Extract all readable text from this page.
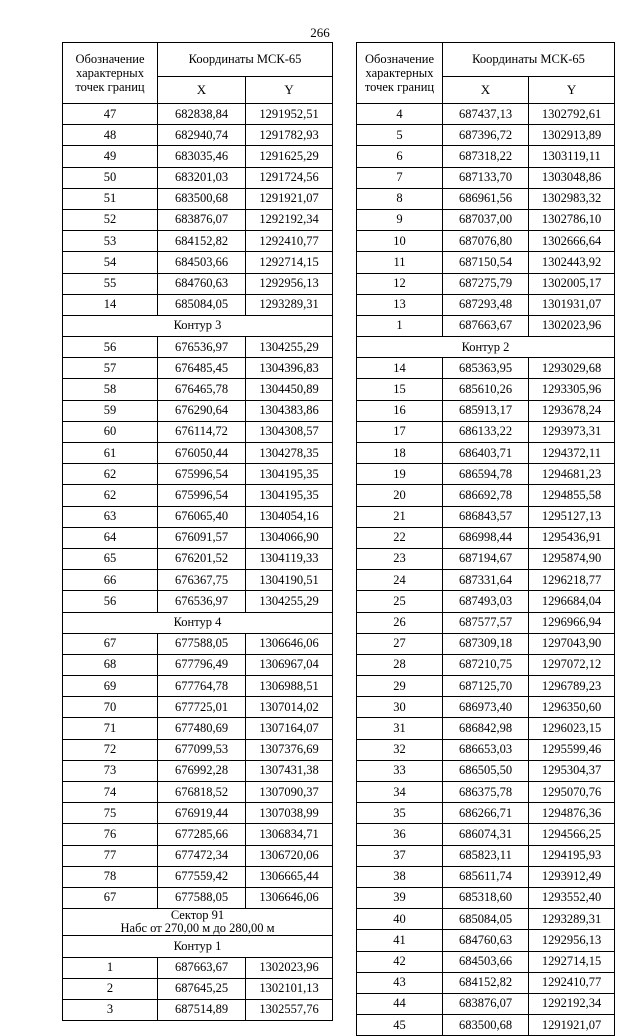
266
Обозначение характерных точек границ	Координаты МСК-65	
	X	Y
47	682838,84	1291952,51
48	682940,74	1291782,93
49	683035,46	1291625,29
50	683201,03	1291724,56
51	683500,68	1291921,07
52	683876,07	1292192,34
53	684152,82	1292410,77
54	684503,66	1292714,15
55	684760,63	1292956,13
14	685084,05	1293289,31

Контур 3		

56	676536,97	1304255,29
57	676485,45	1304396,83
58	676465,78	1304450,89
59	676290,64	1304383,86
60	676114,72	1304308,57
61	676050,44	1304278,35
62	675996,54	1304195,35
62	675996,54	1304195,35
63	676065,40	1304054,16
64	676091,57	1304066,90
65	676201,52	1304119,33
66	676367,75	1304190,51
56	676536,97	1304255,29

Контур 4		

67	677588,05	1306646,06
68	677796,49	1306967,04
69	677764,78	1306988,51
70	677725,01	1307014,02
71	677480,69	1307164,07
72	677099,53	1307376,69
73	676992,28	1307431,38
74	676818,52	1307090,37
75	676919,44	1307038,99
76	677285,66	1306834,71
77	677472,34	1306720,06
78	677559,42	1306665,44
67	677588,05	1306646,06

Сектор 91
Набс от 270,00 м до 280,00 м		

Контур 1		

1	687663,67	1302023,96
2	687645,25	1302101,13
3	687514,89	1302557,76
Обозначение характерных точек границ	Координаты МСК-65	
	X	Y
4	687437,13	1302792,61
5	687396,72	1302913,89
6	687318,22	1303119,11
7	687133,70	1303048,86
8	686961,56	1302983,32
9	687037,00	1302786,10
10	687076,80	1302666,64
11	687150,54	1302443,92
12	687275,79	1302005,17
13	687293,48	1301931,07
1	687663,67	1302023,96

Контур 2		

14	685363,95	1293029,68
15	685610,26	1293305,96
16	685913,17	1293678,24
17	686133,22	1293973,31
18	686403,71	1294372,11
19	686594,78	1294681,23
20	686692,78	1294855,58
21	686843,57	1295127,13
22	686998,44	1295436,91
23	687194,67	1295874,90
24	687331,64	1296218,77
25	687493,03	1296684,04
26	687577,57	1296966,94
27	687309,18	1297043,90
28	687210,75	1297072,12
29	687125,70	1296789,23
30	686973,40	1296350,60
31	686842,98	1296023,15
32	686653,03	1295599,46
33	686505,50	1295304,37
34	686375,78	1295070,76
35	686266,71	1294876,36
36	686074,31	1294566,25
37	685823,11	1294195,93
38	685611,74	1293912,49
39	685318,60	1293552,40
40	685084,05	1293289,31
41	684760,63	1292956,13
42	684503,66	1292714,15
43	684152,82	1292410,77
44	683876,07	1292192,34
45	683500,68	1291921,07
